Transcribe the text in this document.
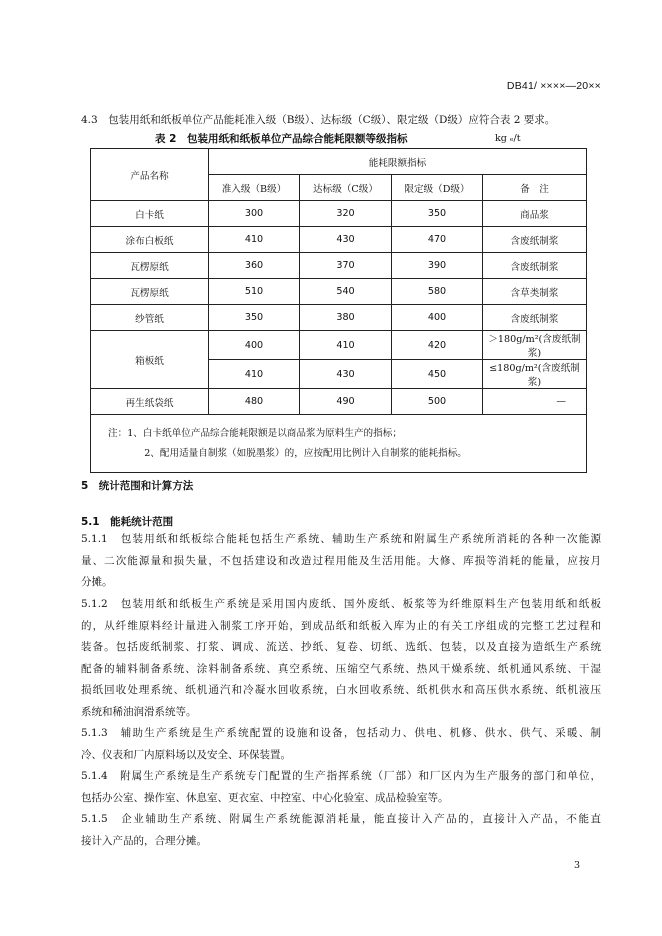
DB41/ ××××—20××
4.3　包装用纸和纸板单位产品能耗准入级（B级）、达标级（C级）、限定级（D级）应符合表 2 要求。
表 2　包装用纸和纸板单位产品综合能耗限额等级指标	kg ₑ/t
产品名称	能耗限额指标			
	准入级（B级）	达标级（C级）	限定级（D级）	备　注
白卡纸	300	320	350	商品浆
涂布白板纸	410	430	470	含废纸制浆
瓦楞原纸	360	370	390	含废纸制浆
瓦楞原纸	510	540	580	含草类制浆
纱管纸	350	380	400	含废纸制浆
箱板纸	400	410	420	＞180g/m²(含废纸制浆)
	410	430	450	≤180g/m²(含废纸制浆)
再生纸袋纸	480	490	500	—

注：1、白卡纸单位产品综合能耗限额是以商品浆为原料生产的指标；
2、配用适量自制浆（如脱墨浆）的，应按配用比例计入自制浆的能耗指标。				
5　统计范围和计算方法
5.1　能耗统计范围
5.1.1　包装用纸和纸板综合能耗包括生产系统、辅助生产系统和附属生产系统所消耗的各种一次能源
量、二次能源量和损失量，不包括建设和改造过程用能及生活用能。大修、库损等消耗的能量，应按月
分摊。
5.1.2　包装用纸和纸板生产系统是采用国内废纸、国外废纸、板浆等为纤维原料生产包装用纸和纸板
的，从纤维原料经计量进入制浆工序开始，到成品纸和纸板入库为止的有关工序组成的完整工艺过程和
装备。包括废纸制浆、打浆、调成、流送、抄纸、复卷、切纸、选纸、包装，以及直接为造纸生产系统
配备的辅料制备系统、涂料制备系统、真空系统、压缩空气系统、热风干燥系统、纸机通风系统、干湿
损纸回收处理系统、纸机通汽和冷凝水回收系统，白水回收系统、纸机供水和高压供水系统、纸机液压
系统和稀油润滑系统等。
5.1.3　辅助生产系统是生产系统配置的设施和设备，包括动力、供电、机修、供水、供气、采暖、制
冷、仪表和厂内原料场以及安全、环保装置。
5.1.4　附属生产系统是生产系统专门配置的生产指挥系统（厂部）和厂区内为生产服务的部门和单位，
包括办公室、操作室、休息室、更衣室、中控室、中心化验室、成品检验室等。
5.1.5　企业辅助生产系统、附属生产系统能源消耗量，能直接计入产品的，直接计入产品，不能直
接计入产品的，合理分摊。
3
